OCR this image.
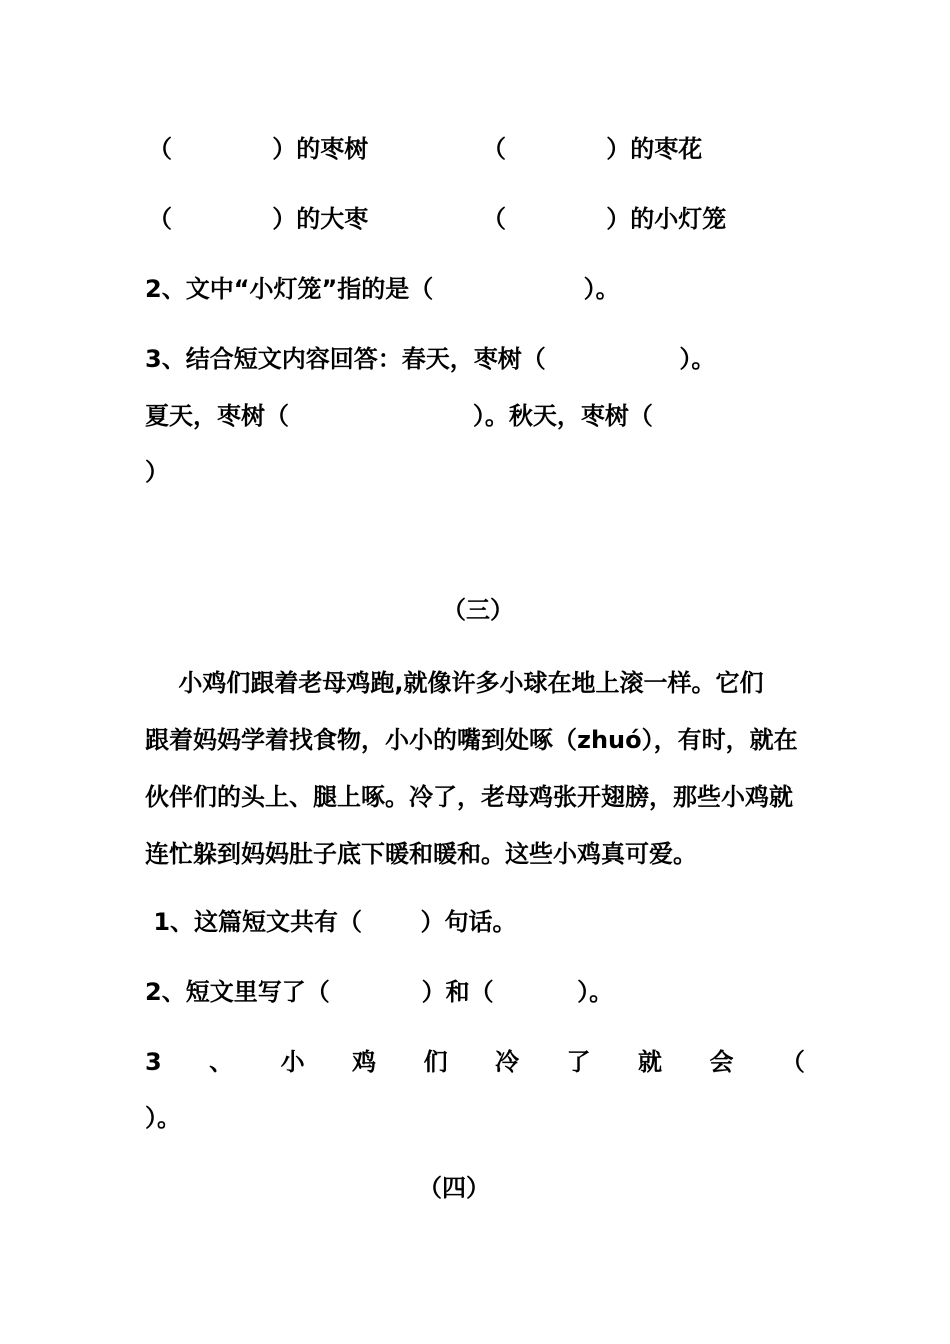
（            ）的枣树	（            ）的枣花
（            ）的大枣	（            ）的小灯笼
2、文中“小灯笼”指的是（                  ）。
3、结合短文内容回答：春天，枣树（                ）。
夏天，枣树（                      ）。秋天，枣树（
）
（三）
小鸡们跟着老母鸡跑,就像许多小球在地上滚一样。它们
跟着妈妈学着找食物，小小的嘴到处啄（zhuó），有时，就在
伙伴们的头上、腿上啄。冷了，老母鸡张开翅膀，那些小鸡就
连忙躲到妈妈肚子底下暖和暖和。这些小鸡真可爱。
1、这篇短文共有（       ）句话。
2、短文里写了（           ）和（          ）。
3 、 小 鸡 们 冷 了 就 会 （
）。
（四）
